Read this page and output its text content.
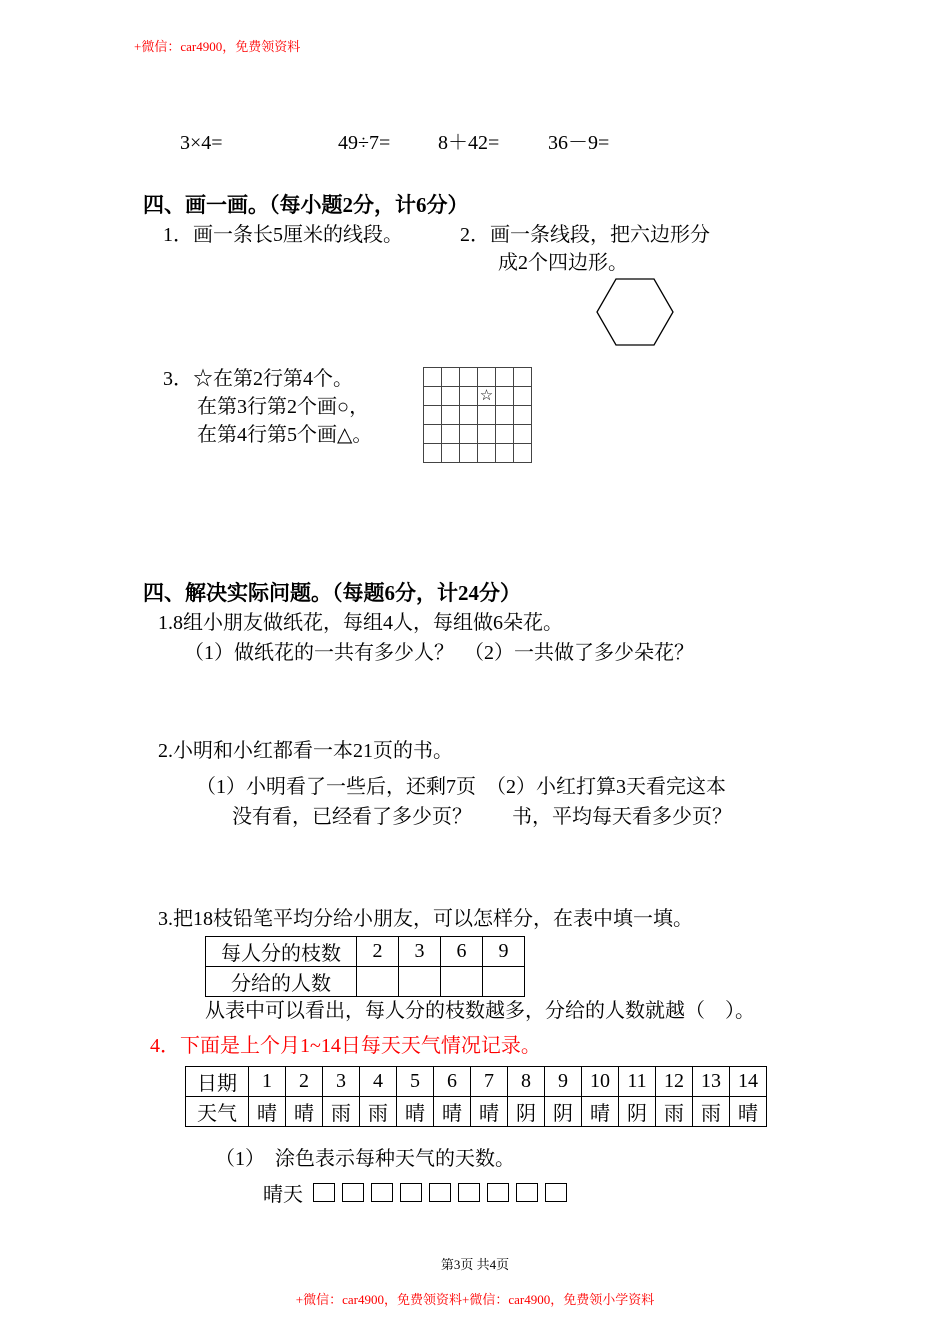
+微信：car4900，免费领资料
3×4=	49÷7= 8＋42= 36－9=
四、画一画。（每小题2分，计6分）
1．画一条长5厘米的线段。	2．画一条线段，把六边形分
成2个四边形。
3．☆在第2行第4个。
在第3行第2个画○，
在第4行第5个画△。
☆
四、解决实际问题。（每题6分，计24分）
1.8组小朋友做纸花，每组4人，每组做6朵花。
（1）做纸花的一共有多少人？　（2）一共做了多少朵花？
2.小明和小红都看一本21页的书。
（1）小明看了一些后，还剩7页　（2）小红打算3天看完这本
没有看，已经看了多少页？　　书，平均每天看多少页？
3.把18枝铅笔平均分给小朋友，可以怎样分，在表中填一填。
每人分的枝数	2	3	6	9
分给的人数				
从表中可以看出，每人分的枝数越多，分给的人数就越（　）。
4．下面是上个月1~14日每天天气情况记录。
日期	1	2	3	4	5	6	7	8	9	10	11	12	13	14
天气	晴	晴	雨	雨	晴	晴	晴	阴	阴	晴	阴	雨	雨	晴
（1）　涂色表示每种天气的天数。
晴天
第3页 共4页
+微信：car4900，免费领资料+微信：car4900，免费领小学资料
